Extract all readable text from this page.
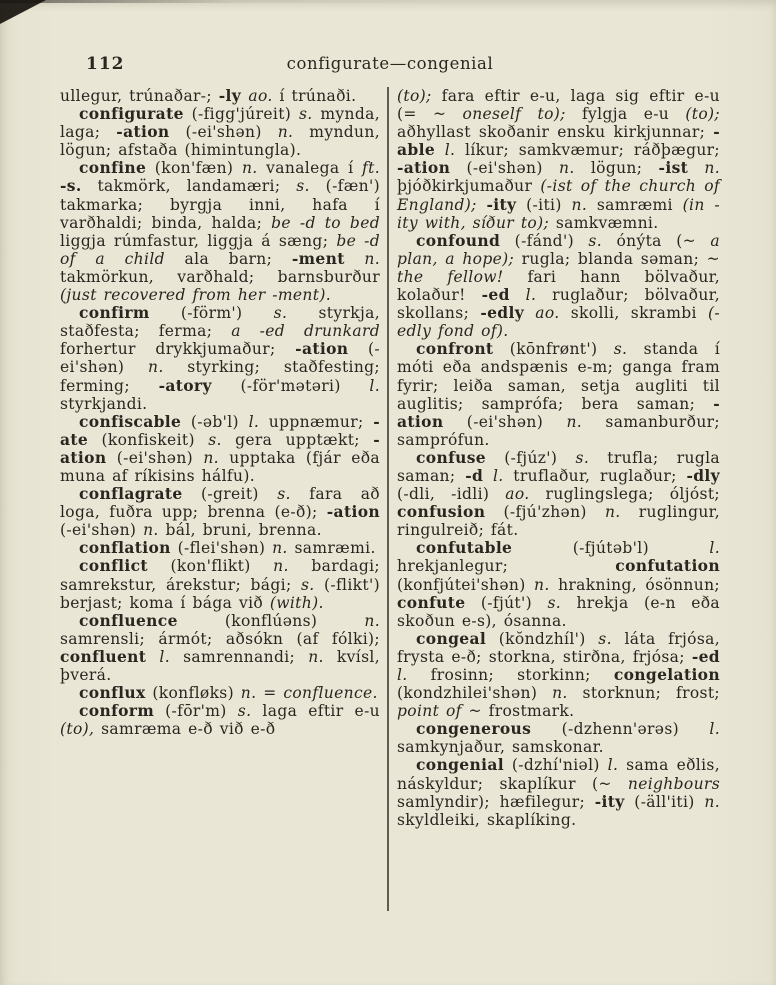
112	configurate—congenial

ullegur, trúnaðar-; -ly ao. í trúnaði.

configurate (-figg'júreit) s. mynda, laga; -ation (-ei'shən) n. myndun, lögun; afstaða (himintungla).

confine (kon'fæn) n. vanalega í ft. -s. takmörk, landamæri; s. (-fæn') takmarka; byrgja inni, hafa í varðhaldi; binda, halda; be -d to bed liggja rúmfastur, liggja á sæng; be -d of a child ala barn; -ment n. takmörkun, varðhald; barnsburður (just recovered from her -ment).

confirm (-förm') s. styrkja, staðfesta; ferma; a -ed drunkard forhertur drykkjumaður; -ation (-ei'shən) n. styrking; staðfesting; ferming; -atory (-för'mətəri) l. styrkjandi.

confiscable (-əb'l) l. uppnæmur; -ate (konfiskeit) s. gera upptækt; -ation (-ei'shən) n. upptaka (fjár eða muna af ríkisins hálfu).

conflagrate (-greit) s. fara að loga, fuðra upp; brenna (e-ð); -ation (-ei'shən) n. bál, bruni, brenna.

conflation (-flei'shən) n. samræmi.

conflict (kon'flikt) n. bardagi; samrekstur, árekstur; bági; s. (-flikt') berjast; koma í bága við (with).

confluence (konflúəns) n. samrensli; ármót; aðsókn (af fólki); confluent l. samrennandi; n. kvísl, þverá.

conflux (konfløks) n. = confluence.

conform (-fōr'm) s. laga eftir e-u (to), samræma e-ð við e-ð

(to); fara eftir e-u, laga sig eftir e-u (= ~ oneself to); fylgja e-u (to); aðhyllast skoðanir ensku kirkjunnar; -able l. líkur; samkvæmur; ráðþægur; -ation (-ei'shən) n. lögun; -ist n. þjóðkirkjumaður (-ist of the church of England); -ity (-iti) n. samræmi (in -ity with, síður to); samkvæmni.

confound (-fánd') s. ónýta (~ a plan, a hope); rugla; blanda səman; ~ the fellow! fari hann bölvaður, kolaður! -ed l. ruglaður; bölvaður, skollans; -edly ao. skolli, skrambi (-edly fond of).

confront (kōnfrønt') s. standa í móti eða andspænis e-m; ganga fram fyrir; leiða saman, setja augliti til auglitis; samprófa; bera saman; -ation (-ei'shən) n. samanburður; samprófun.

confuse (-fjúz') s. trufla; rugla saman; -d l. truflaður, ruglaður; -dly (-dli, -idli) ao. ruglingslega; óljóst; confusion (-fjú'zhən) n. ruglingur, ringulreið; fát.

confutable (-fjútəb'l) l. hrekjanlegur; confutation (konfjútei'shən) n. hrakning, ósönnun; confute (-fjút') s. hrekja (e-n eða skoðun e-s), ósanna.

congeal (kŏndzhíl') s. láta frjósa, frysta e-ð; storkna, stirðna, frjósa; -ed l. frosinn; storkinn; congelation (kondzhilei'shən) n. storknun; frost; point of ~ frostmark.

congenerous (-dzhenn'ərəs) l. samkynjaður, samskonar.

congenial (-dzhí'niəl) l. sama eðlis, náskyldur; skaplíkur (~ neighbours samlyndir); hæfilegur; -ity (-äll'iti) n. skyldleiki, skaplíking.
